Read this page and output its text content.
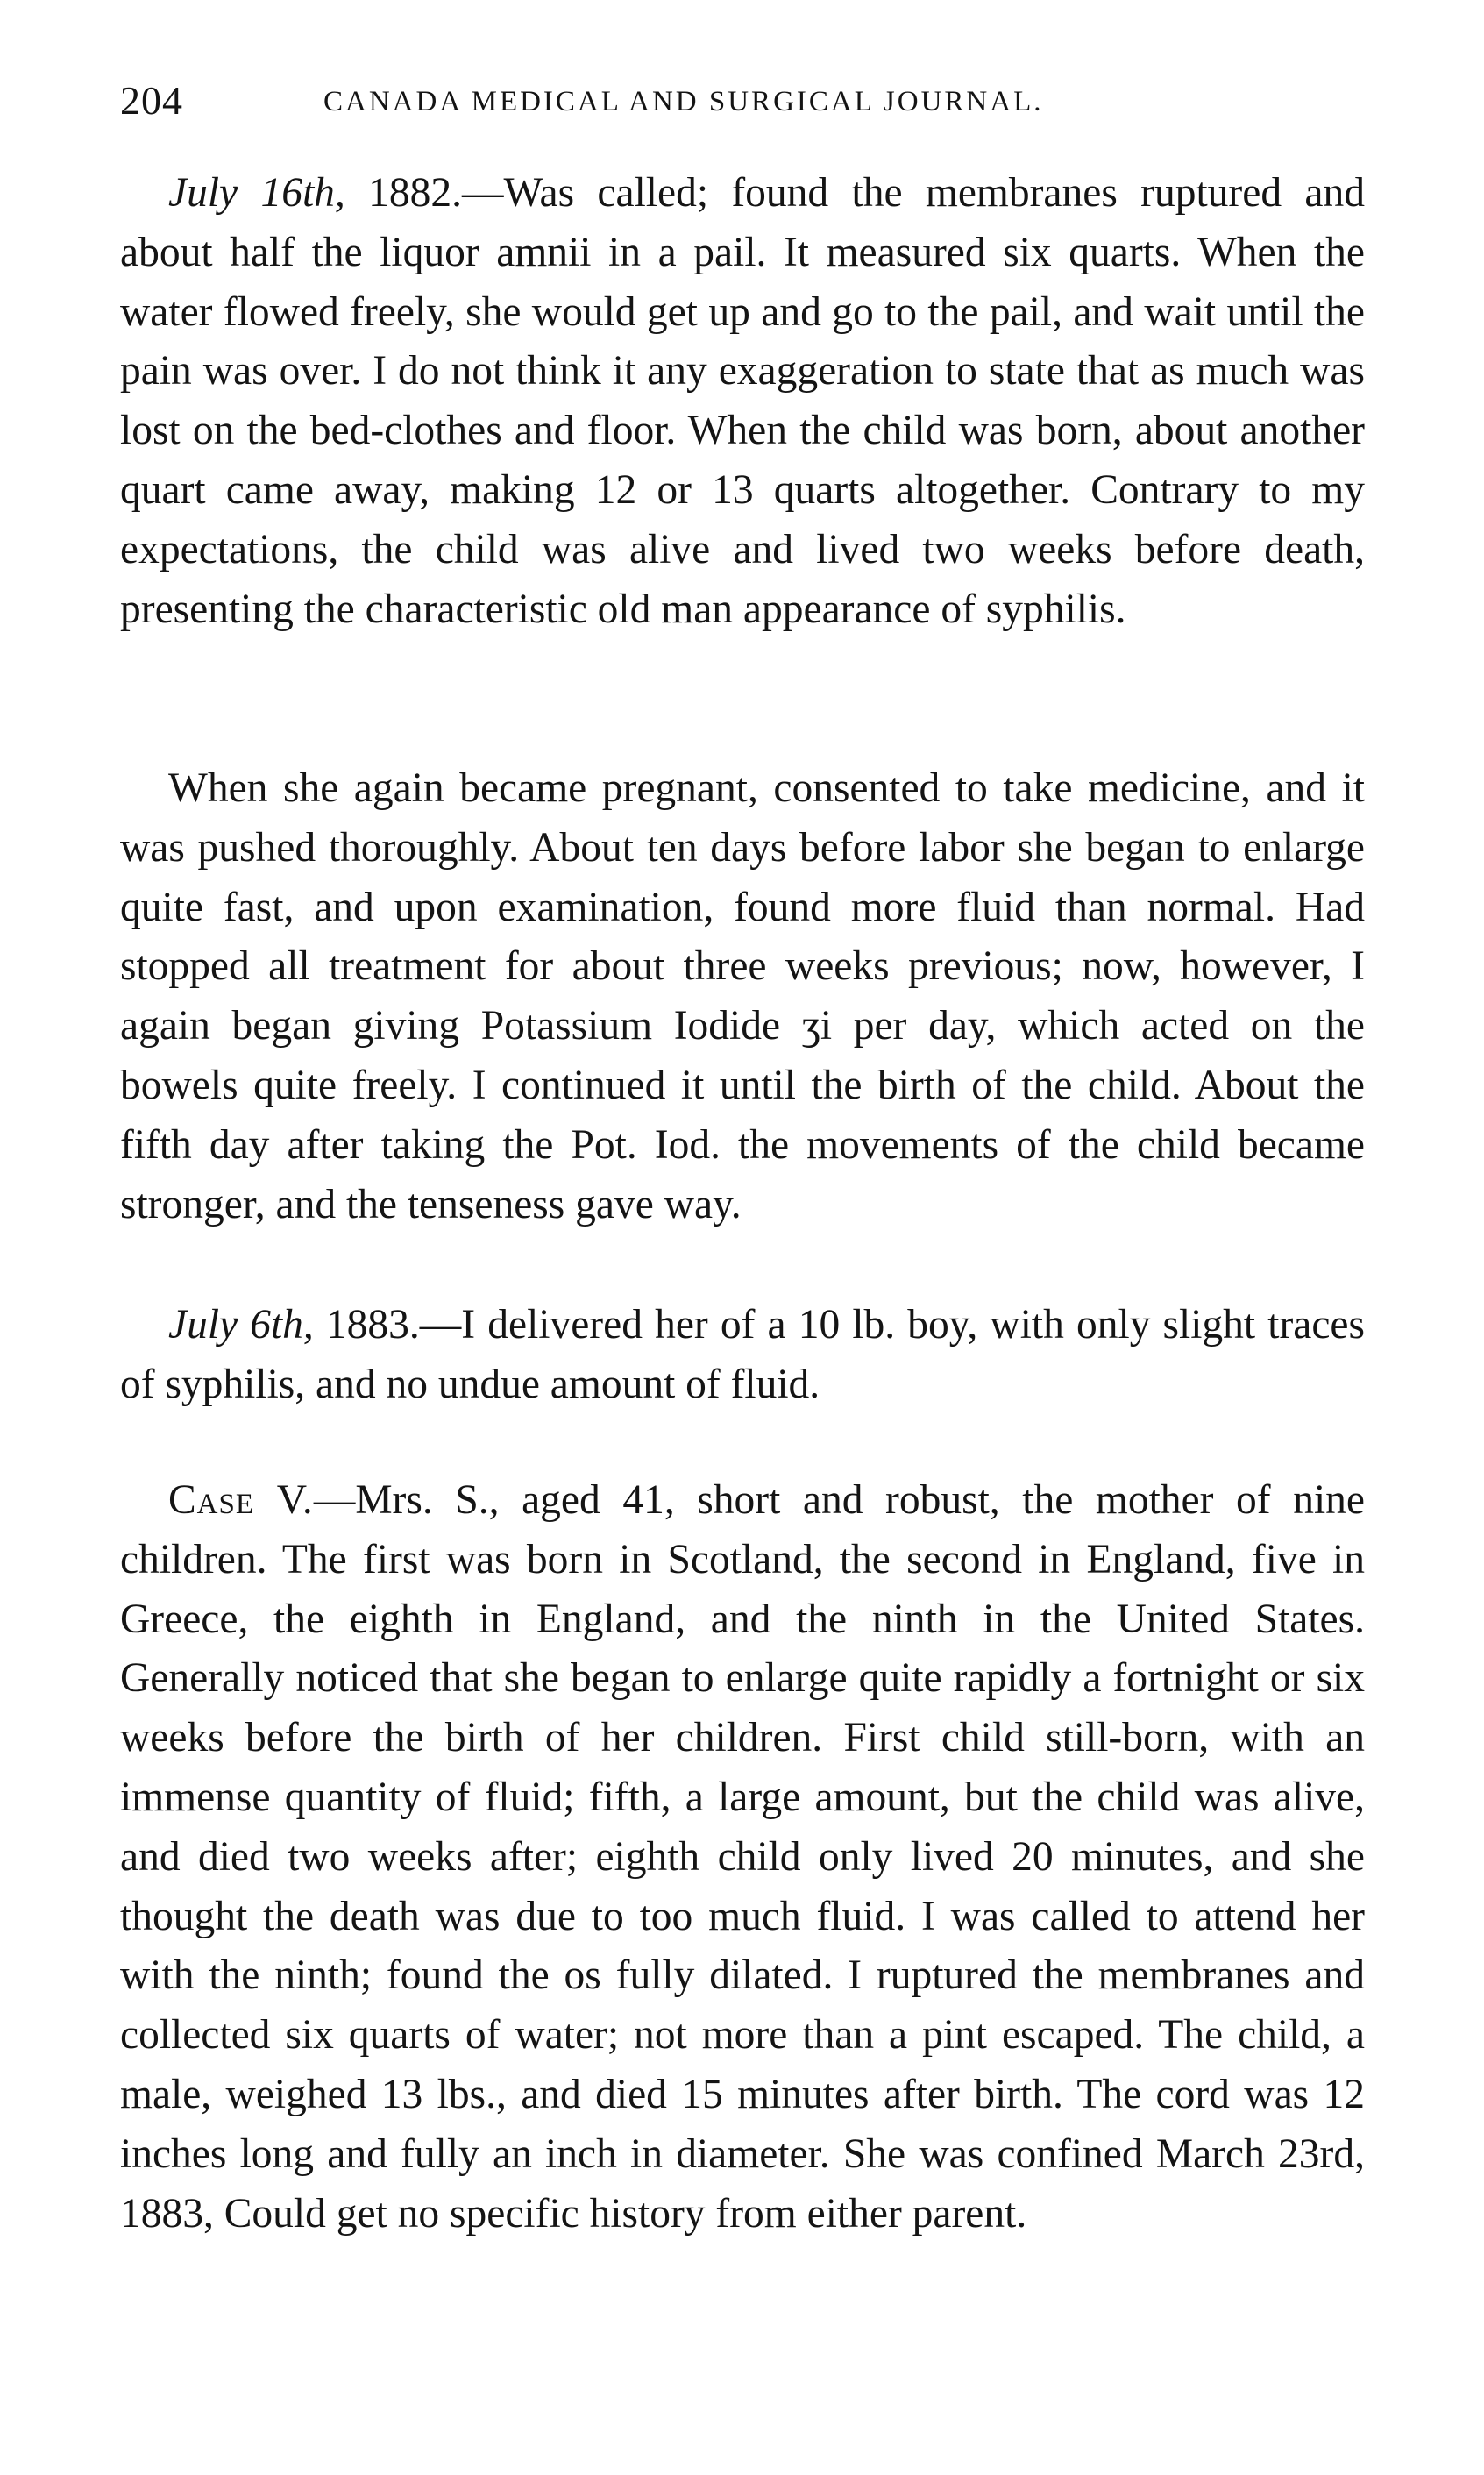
204	CANADA MEDICAL AND SURGICAL JOURNAL.

July 16th, 1882.—Was called; found the membranes ruptured and about half the liquor amnii in a pail. It measured six quarts. When the water flowed freely, she would get up and go to the pail, and wait until the pain was over. I do not think it any exaggeration to state that as much was lost on the bed-clothes and floor. When the child was born, about another quart came away, making 12 or 13 quarts altogether. Contrary to my expectations, the child was alive and lived two weeks before death, presenting the characteristic old man appearance of syphilis.

When she again became pregnant, consented to take medicine, and it was pushed thoroughly. About ten days before labor she began to enlarge quite fast, and upon examination, found more fluid than normal. Had stopped all treatment for about three weeks previous; now, however, I again began giving Potassium Iodide ʒi per day, which acted on the bowels quite freely. I continued it until the birth of the child. About the fifth day after taking the Pot. Iod. the movements of the child became stronger, and the tenseness gave way.

July 6th, 1883.—I delivered her of a 10 lb. boy, with only slight traces of syphilis, and no undue amount of fluid.

Case V.—Mrs. S., aged 41, short and robust, the mother of nine children. The first was born in Scotland, the second in England, five in Greece, the eighth in England, and the ninth in the United States. Generally noticed that she began to enlarge quite rapidly a fortnight or six weeks before the birth of her children. First child still-born, with an immense quantity of fluid; fifth, a large amount, but the child was alive, and died two weeks after; eighth child only lived 20 minutes, and she thought the death was due to too much fluid. I was called to attend her with the ninth; found the os fully dilated. I ruptured the membranes and collected six quarts of water; not more than a pint escaped. The child, a male, weighed 13 lbs., and died 15 minutes after birth. The cord was 12 inches long and fully an inch in diameter. She was confined March 23rd, 1883, Could get no specific history from either parent.
